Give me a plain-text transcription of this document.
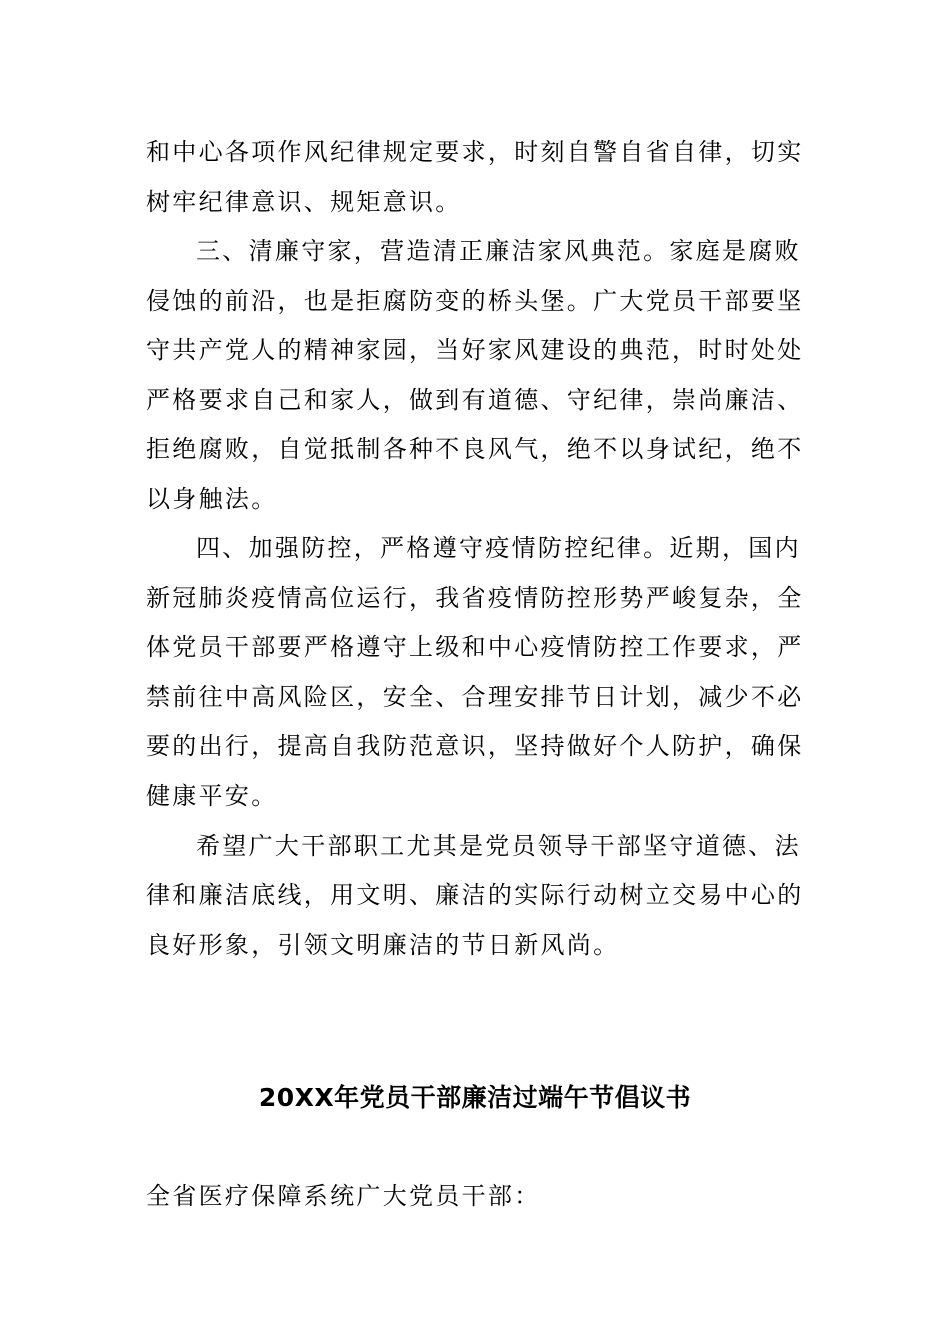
和中心各项作风纪律规定要求，时刻自警自省自律，切实
树牢纪律意识、规矩意识。
三、清廉守家，营造清正廉洁家风典范。家庭是腐败
侵蚀的前沿，也是拒腐防变的桥头堡。广大党员干部要坚
守共产党人的精神家园，当好家风建设的典范，时时处处
严格要求自己和家人，做到有道德、守纪律，崇尚廉洁、
拒绝腐败，自觉抵制各种不良风气，绝不以身试纪，绝不
以身触法。
四、加强防控，严格遵守疫情防控纪律。近期，国内
新冠肺炎疫情高位运行，我省疫情防控形势严峻复杂，全
体党员干部要严格遵守上级和中心疫情防控工作要求，严
禁前往中高风险区，安全、合理安排节日计划，减少不必
要的出行，提高自我防范意识，坚持做好个人防护，确保
健康平安。
希望广大干部职工尤其是党员领导干部坚守道德、法
律和廉洁底线，用文明、廉洁的实际行动树立交易中心的
良好形象，引领文明廉洁的节日新风尚。
20XX年党员干部廉洁过端午节倡议书
全省医疗保障系统广大党员干部：
